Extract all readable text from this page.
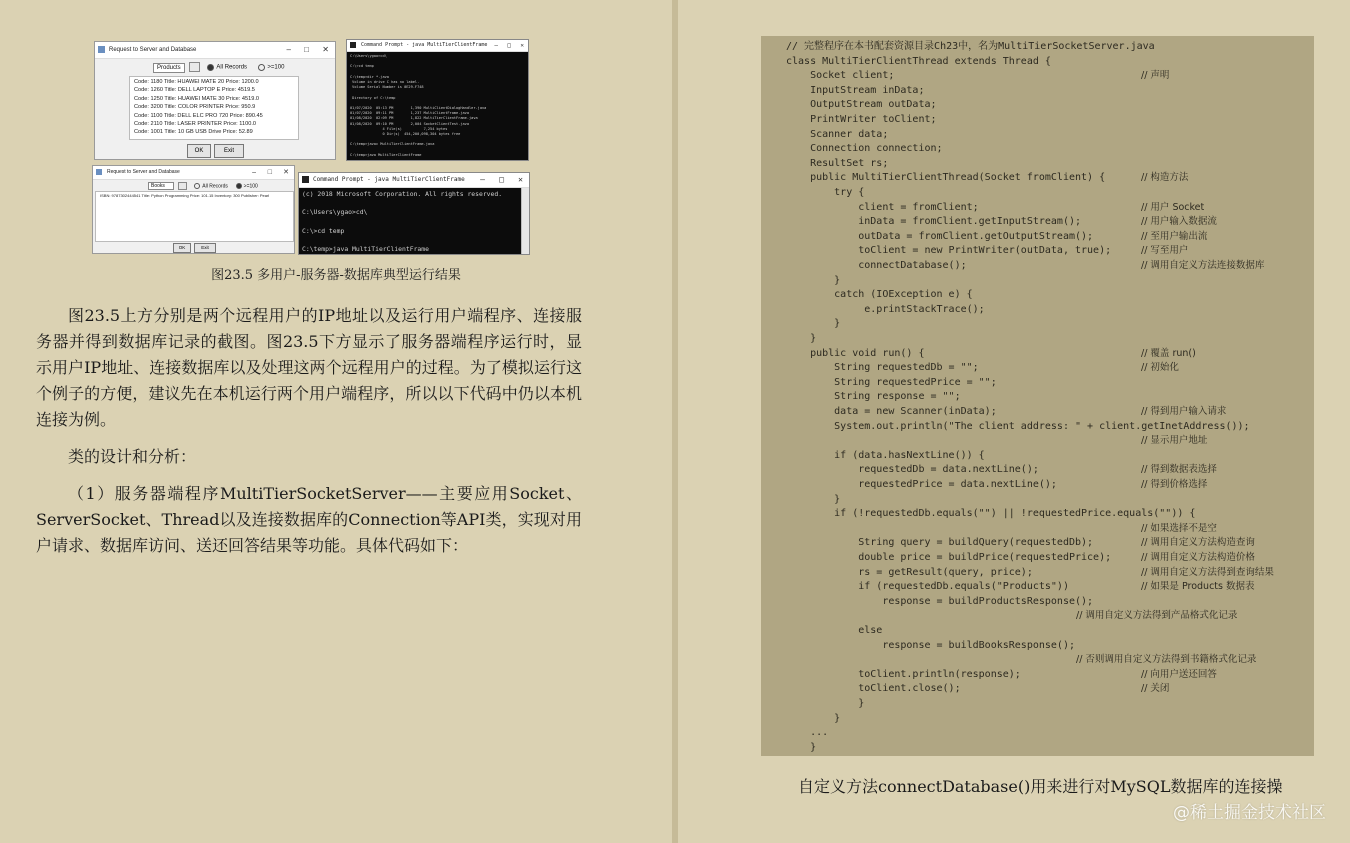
Request to Server and Database	– □ ✕
Products	All Records	>=100
Code: 1180 Title: HUAWEI MATE 20 Price: 1200.0
Code: 1260 Title: DELL LAPTOP E Price: 4519.5
Code: 1250 Title: HUAWEI MATE 30 Price: 4519.0
Code: 3200 Title: COLOR PRINTER Price: 950.9
Code: 1100 Title: DELL ELC PRO 720 Price: 890.45
Code: 2110 Title: LASER PRINTER Price: 1100.0
Code: 1001 Title: 10 GB USB Drive Price: 52.89
OK	Exit
Command Prompt - java MultiTierClientFrame – □ ✕
C:\Users\ygao>cd\

C:\>cd temp

C:\temp>dir *.java
Volume in drive C has no label.
Volume Serial Number is 0E29-F748

Directory of C:\temp

01/07/2020  05:13 PM        1,390 MultiClientDialogHandler.java
01/07/2020  09:11 PM        1,237 MultiClientFrame.java
01/08/2020  02:09 PM        1,822 MultiTierClientFrame.java
01/08/2020  09:10 PM        2,004 SocketClientTest.java
4 File(s)          7,254 bytes
0 Dir(s)  454,200,098,304 bytes free

C:\temp>javac MultiTierClientFrame.java

C:\temp>java MultiTierClientFrame
Request to Server and Database	– □ ✕
Books	All Records	>=100
ISBN: 9787302444541 Title: Python Programming Price: 101.15 Inventory: 300 Publisher: Pearl
OK	Exit
Command Prompt - java MultiTierClientFrame – □ ✕
(c) 2018 Microsoft Corporation. All rights reserved.

C:\Users\ygao>cd\

C:\>cd temp

C:\temp>java MultiTierClientFrame
图23.5 多用户-服务器-数据库典型运行结果

图23.5上方分别是两个远程用户的IP地址以及运行用户端程序、连接服务器并得到数据库记录的截图。图23.5下方显示了服务器端程序运行时，显示用户IP地址、连接数据库以及处理这两个远程用户的过程。为了模拟运行这个例子的方便，建议先在本机运行两个用户端程序，所以以下代码中仍以本机连接为例。

类的设计和分析：

（1）服务器端程序MultiTierSocketServer——主要应用Socket、ServerSocket、Thread以及连接数据库的Connection等API类，实现对用户请求、数据库访问、送还回答结果等功能。具体代码如下：

// 完整程序在本书配套资源目录Ch23中，名为MultiTierSocketServer.java
class MultiTierClientThread extends Thread {
Socket client;	// 声明
InputStream inData;
OutputStream outData;
PrintWriter toClient;
Scanner data;
Connection connection;
ResultSet rs;
public MultiTierClientThread(Socket fromClient) {	// 构造方法
try {
client = fromClient;	// 用户 Socket
inData = fromClient.getInputStream();	// 用户输入数据流
outData = fromClient.getOutputStream();	// 至用户输出流
toClient = new PrintWriter(outData, true);	// 写至用户
connectDatabase();	// 调用自定义方法连接数据库
}
catch (IOException e) {
e.printStackTrace();
}
}
public void run() {	// 覆盖 run()
String requestedDb = "";	// 初始化
String requestedPrice = "";
String response = "";
data = new Scanner(inData);	// 得到用户输入请求
System.out.println("The client address: " + client.getInetAddress());
// 显示用户地址
if (data.hasNextLine()) {
requestedDb = data.nextLine();	// 得到数据表选择
requestedPrice = data.nextLine();	// 得到价格选择
}
if (!requestedDb.equals("") || !requestedPrice.equals("")) {
// 如果选择不是空
String query = buildQuery(requestedDb);	// 调用自定义方法构造查询
double price = buildPrice(requestedPrice);	// 调用自定义方法构造价格
rs = getResult(query, price);	// 调用自定义方法得到查询结果
if (requestedDb.equals("Products"))	// 如果是 Products 数据表
response = buildProductsResponse();
// 调用自定义方法得到产品格式化记录
else
response = buildBooksResponse();
// 否则调用自定义方法得到书籍格式化记录
toClient.println(response);	// 向用户送还回答
toClient.close();	// 关闭
}
}
...
}
自定义方法connectDatabase()用来进行对MySQL数据库的连接操
@稀土掘金技术社区
